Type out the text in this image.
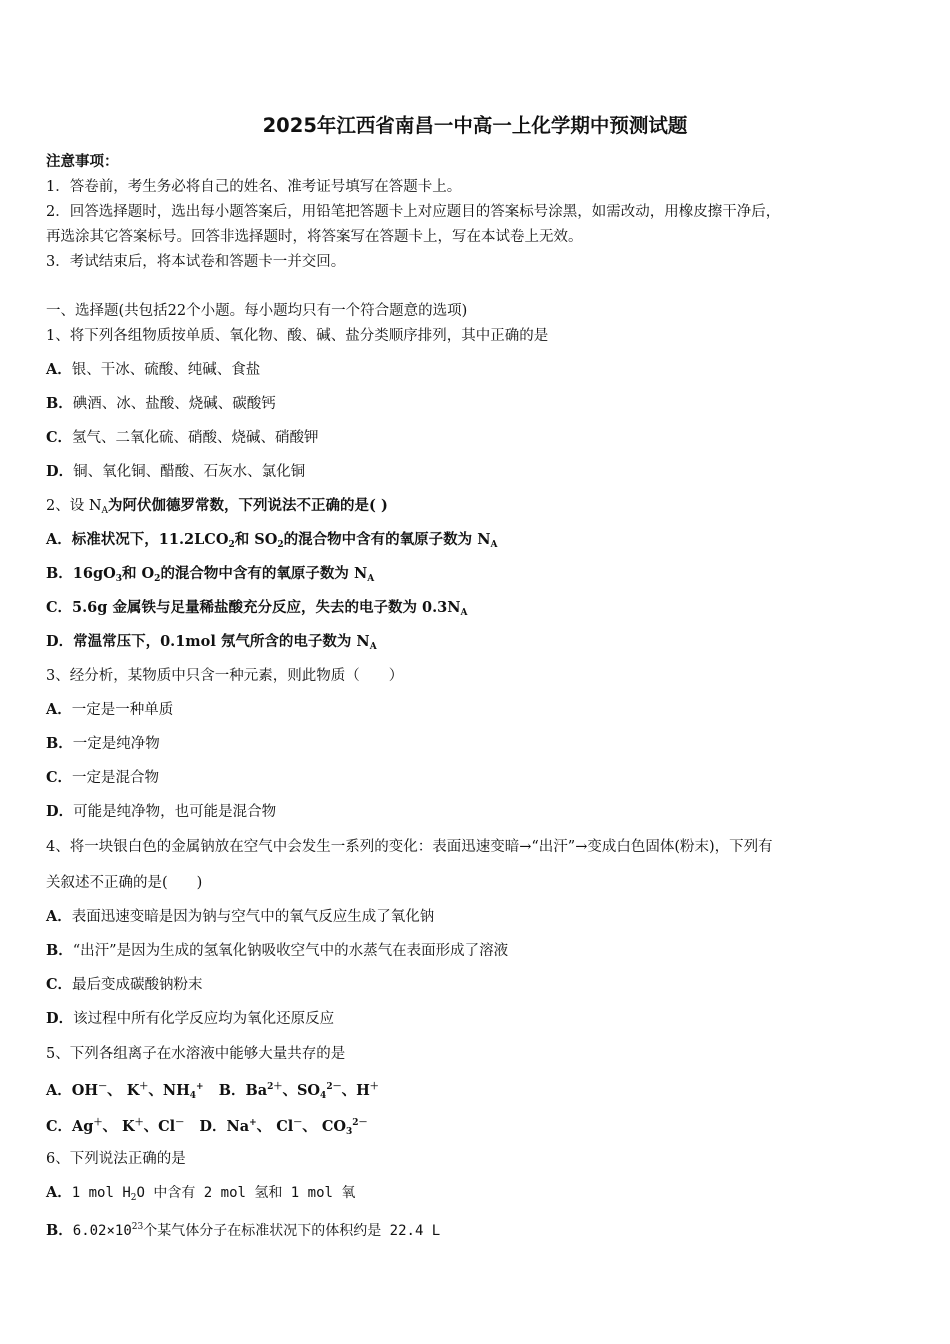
2025年江西省南昌一中高一上化学期中预测试题
注意事项：
1．答卷前，考生务必将自己的姓名、准考证号填写在答题卡上。
2．回答选择题时，选出每小题答案后，用铅笔把答题卡上对应题目的答案标号涂黑，如需改动，用橡皮擦干净后，
再选涂其它答案标号。回答非选择题时，将答案写在答题卡上，写在本试卷上无效。
3．考试结束后，将本试卷和答题卡一并交回。
一、选择题(共包括22个小题。每小题均只有一个符合题意的选项)
1、将下列各组物质按单质、氧化物、酸、碱、盐分类顺序排列，其中正确的是
A．银、干冰、硫酸、纯碱、食盐
B．碘酒、冰、盐酸、烧碱、碳酸钙
C．氢气、二氧化硫、硝酸、烧碱、硝酸钾
D．铜、氧化铜、醋酸、石灰水、氯化铜
2、设 $N_A$为阿伏伽德罗常数，下列说法不正确的是( )
A．标准状况下，$11.2LCO_2$和 $SO_2$的混合物中含有的氧原子数为 $N_A$
B．$16gO_3$和 $O_2$的混合物中含有的氧原子数为 $N_A$
C．5.6g 金属铁与足量稀盐酸充分反应，失去的电子数为 $0.3N_A$
D．常温常压下，0.1mol 氖气所含的电子数为 $N_A$
3、经分析，某物质中只含一种元素，则此物质（　　）
A．一定是一种单质
B．一定是纯净物
C．一定是混合物
D．可能是纯净物，也可能是混合物
4、将一块银白色的金属钠放在空气中会发生一系列的变化：表面迅速变暗→“出汗”→变成白色固体(粉末)，下列有
关叙述不正确的是(　　)
A．表面迅速变暗是因为钠与空气中的氧气反应生成了氧化钠
B．“出汗”是因为生成的氢氧化钠吸收空气中的水蒸气在表面形成了溶液
C．最后变成碳酸钠粉末
D．该过程中所有化学反应均为氧化还原反应
5、下列各组离子在水溶液中能够大量共存的是
A．OH－、 K＋、$NH_4^+$ B．$Ba^{2+}$、$SO_4^{2-}$、H＋
C．Ag＋、 K＋、Cl－ D．Na+、 Cl－、 $CO_3^{2-}$
6、下列说法正确的是
A．1 mol $H_2O$ 中含有 2 mol 氢和 1 mol 氧
B．$6.02\times 10^{23}$个某气体分子在标准状况下的体积约是 22.4 L
